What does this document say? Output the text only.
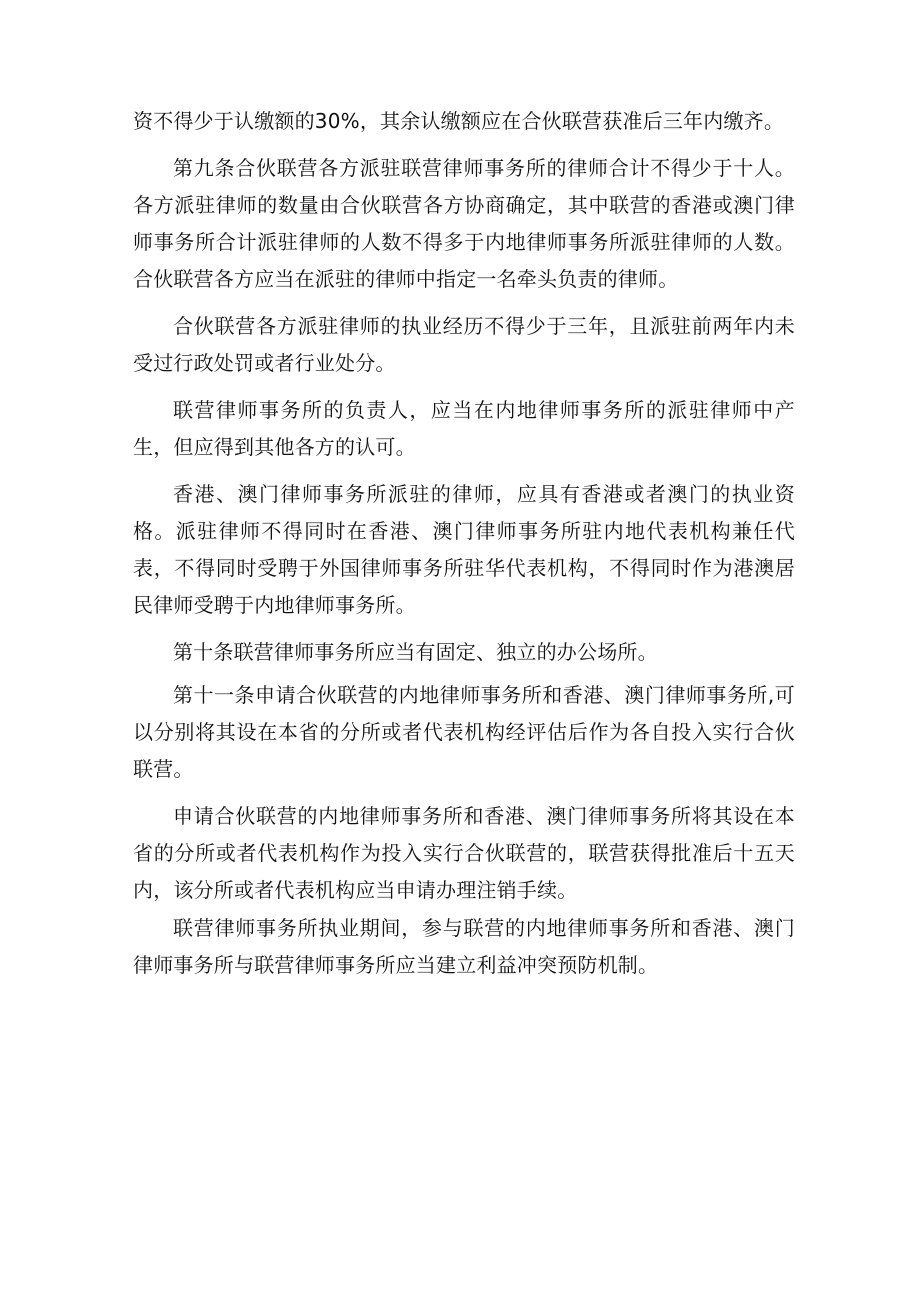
资不得少于认缴额的30%，其余认缴额应在合伙联营获准后三年内缴齐。

第九条合伙联营各方派驻联营律师事务所的律师合计不得少于十人。各方派驻律师的数量由合伙联营各方协商确定，其中联营的香港或澳门律师事务所合计派驻律师的人数不得多于内地律师事务所派驻律师的人数。合伙联营各方应当在派驻的律师中指定一名牵头负责的律师。

合伙联营各方派驻律师的执业经历不得少于三年，且派驻前两年内未受过行政处罚或者行业处分。

联营律师事务所的负责人，应当在内地律师事务所的派驻律师中产生，但应得到其他各方的认可。

香港、澳门律师事务所派驻的律师，应具有香港或者澳门的执业资格。派驻律师不得同时在香港、澳门律师事务所驻内地代表机构兼任代表，不得同时受聘于外国律师事务所驻华代表机构，不得同时作为港澳居民律师受聘于内地律师事务所。

第十条联营律师事务所应当有固定、独立的办公场所。

第十一条申请合伙联营的内地律师事务所和香港、澳门律师事务所,可以分别将其设在本省的分所或者代表机构经评估后作为各自投入实行合伙联营。

申请合伙联营的内地律师事务所和香港、澳门律师事务所将其设在本省的分所或者代表机构作为投入实行合伙联营的，联营获得批准后十五天内，该分所或者代表机构应当申请办理注销手续。

联营律师事务所执业期间，参与联营的内地律师事务所和香港、澳门律师事务所与联营律师事务所应当建立利益冲突预防机制。
